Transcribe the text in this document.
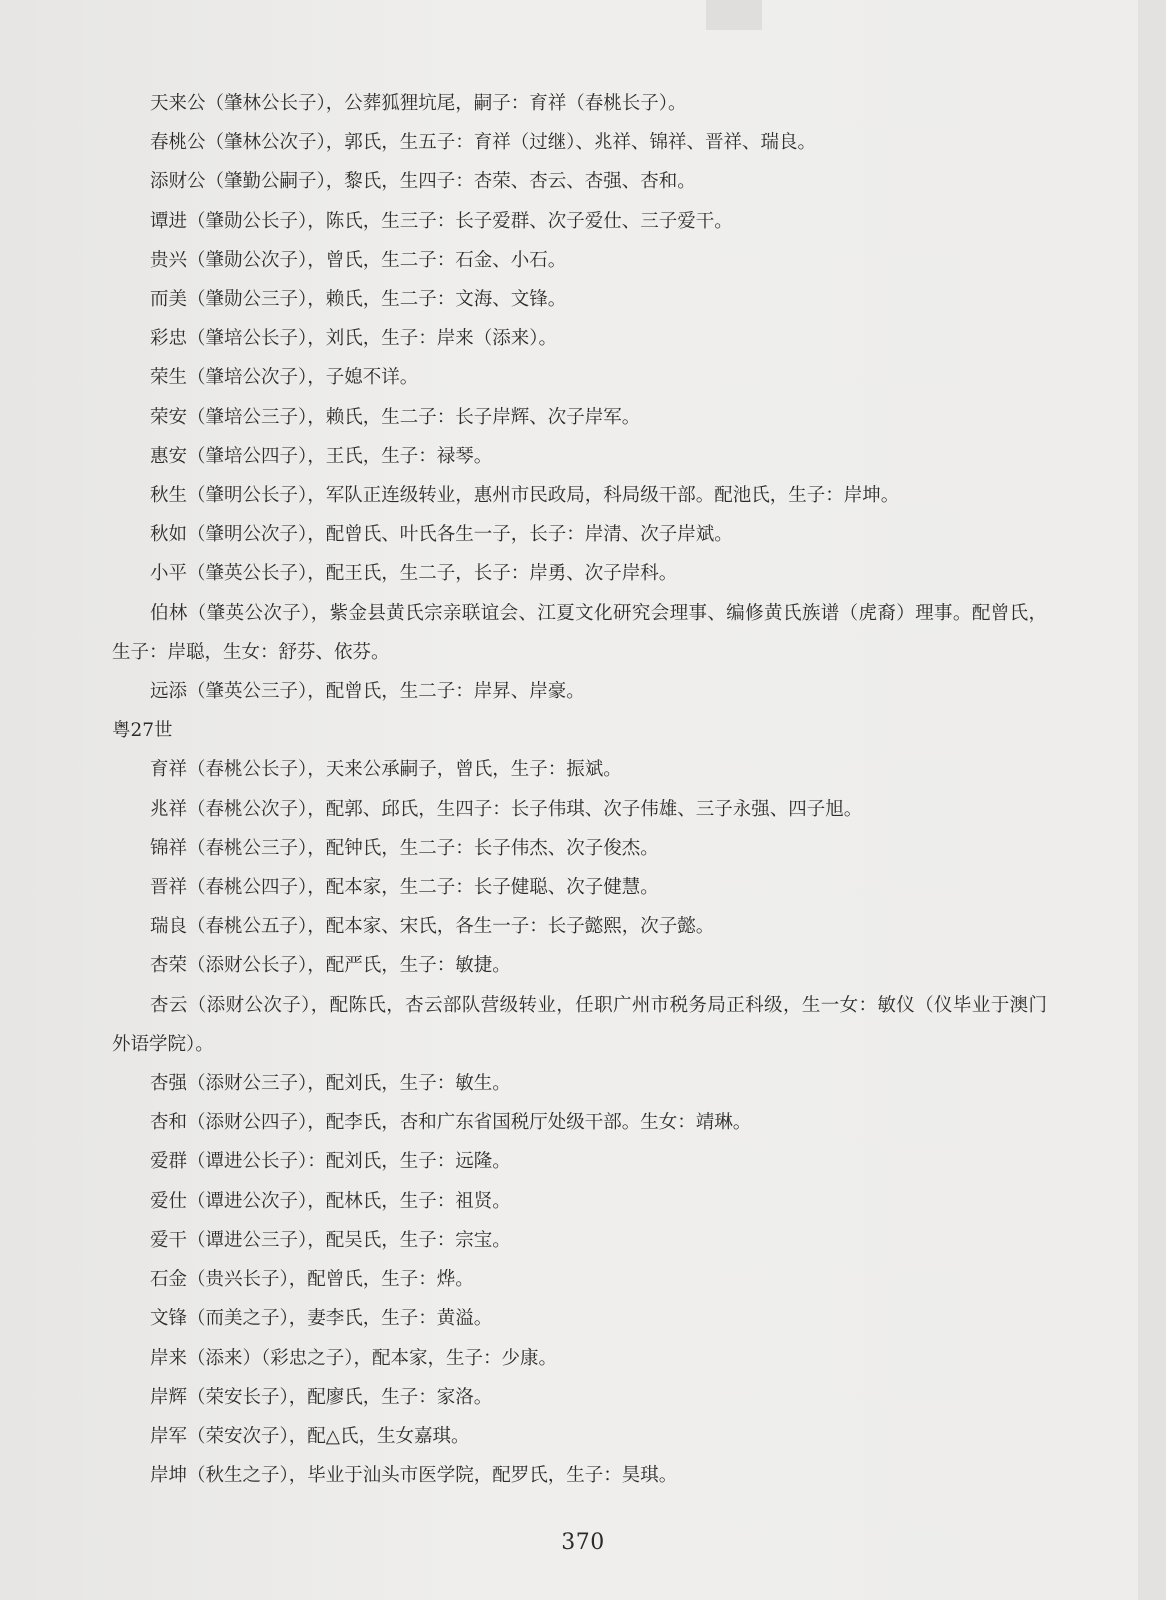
天来公（肇林公长子），公葬狐狸坑尾，嗣子：育祥（春桃长子）。

春桃公（肇林公次子），郭氏，生五子：育祥（过继）、兆祥、锦祥、晋祥、瑞良。

添财公（肇勤公嗣子），黎氏，生四子：杏荣、杏云、杏强、杏和。

谭进（肇勋公长子），陈氏，生三子：长子爱群、次子爱仕、三子爱干。

贵兴（肇勋公次子），曾氏，生二子：石金、小石。

而美（肇勋公三子），赖氏，生二子：文海、文锋。

彩忠（肇培公长子），刘氏，生子：岸来（添来）。

荣生（肇培公次子），子媳不详。

荣安（肇培公三子），赖氏，生二子：长子岸辉、次子岸军。

惠安（肇培公四子），王氏，生子：禄琴。

秋生（肇明公长子），军队正连级转业，惠州市民政局，科局级干部。配池氏，生子：岸坤。

秋如（肇明公次子），配曾氏、叶氏各生一子，长子：岸清、次子岸斌。

小平（肇英公长子），配王氏，生二子，长子：岸勇、次子岸科。

伯林（肇英公次子），紫金县黄氏宗亲联谊会、江夏文化研究会理事、编修黄氏族谱（虎裔）理事。配曾氏，生子：岸聪，生女：舒芬、依芬。

远添（肇英公三子），配曾氏，生二子：岸昇、岸豪。

粤27世

育祥（春桃公长子），天来公承嗣子，曾氏，生子：振斌。

兆祥（春桃公次子），配郭、邱氏，生四子：长子伟琪、次子伟雄、三子永强、四子旭。

锦祥（春桃公三子），配钟氏，生二子：长子伟杰、次子俊杰。

晋祥（春桃公四子），配本家，生二子：长子健聪、次子健慧。

瑞良（春桃公五子），配本家、宋氏，各生一子：长子懿熙，次子懿。

杏荣（添财公长子），配严氏，生子：敏捷。

杏云（添财公次子），配陈氏，杏云部队营级转业，任职广州市税务局正科级，生一女：敏仪（仪毕业于澳门外语学院）。

杏强（添财公三子），配刘氏，生子：敏生。

杏和（添财公四子），配李氏，杏和广东省国税厅处级干部。生女：靖琳。

爱群（谭进公长子）：配刘氏，生子：远隆。

爱仕（谭进公次子），配林氏，生子：祖贤。

爱干（谭进公三子），配吴氏，生子：宗宝。

石金（贵兴长子），配曾氏，生子：烨。

文锋（而美之子），妻李氏，生子：黄溢。

岸来（添来）（彩忠之子），配本家，生子：少康。

岸辉（荣安长子），配廖氏，生子：家洛。

岸军（荣安次子），配△氏，生女嘉琪。

岸坤（秋生之子），毕业于汕头市医学院，配罗氏，生子：昊琪。

370
